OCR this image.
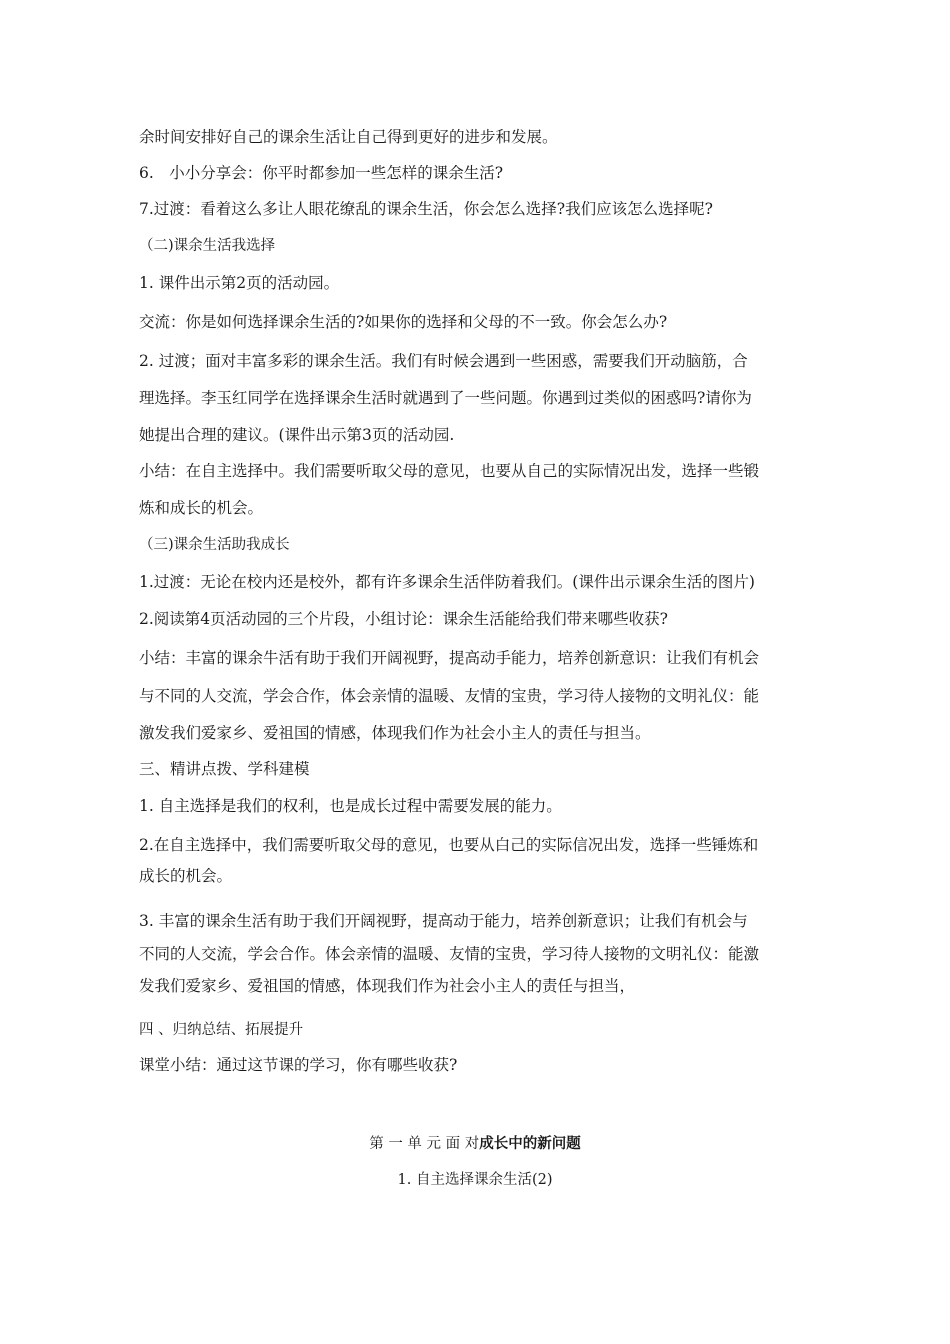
余时间安排好自己的课余生活让自己得到更好的进步和发展。
6.　小小分享会：你平时都参加一些怎样的课余生活?
7.过渡：看着这么多让人眼花缭乱的课余生活，你会怎么选择?我们应该怎么选择呢?
（二)课余生活我选择
1. 课件出示第2页的活动园。
交流：你是如何选择课余生活的?如果你的选择和父母的不一致。你会怎么办?
2. 过渡；面对丰富多彩的课余生活。我们有时候会遇到一些困惑，需要我们开动脑筋，合
理选择。李玉红同学在选择课余生活时就遇到了一些问题。你遇到过类似的困惑吗?请你为
她提出合理的建议。(课件出示第3页的活动园.
小结：在自主选择中。我们需要听取父母的意见，也要从自己的实际情况出发，选择一些锻
炼和成长的机会。
（三)课余生活助我成长
1.过渡：无论在校内还是校外，都有许多课余生活伴防着我们。(课件出示课余生活的图片)
2.阅读第4页活动园的三个片段，小组讨论：课余生活能给我们带来哪些收获?
小结：丰富的课余牛活有助于我们开阔视野，提高动手能力，培养创新意识：让我们有机会
与不同的人交流，学会合作，体会亲情的温暖、友情的宝贵，学习待人接物的文明礼仪：能
激发我们爱家乡、爱祖国的情感，体现我们作为社会小主人的责任与担当。
三、精讲点拨、学科建模
1. 自主选择是我们的权利，也是成长过程中需要发展的能力。
2.在自主选择中，我们需要听取父母的意见，也要从白己的实际信况出发，选择一些锤炼和
成长的机会。
3. 丰富的课余生活有助于我们开阔视野，提高动于能力，培养创新意识；让我们有机会与
不同的人交流，学会合作。体会亲情的温暖、友情的宝贵，学习待人接物的文明礼仪：能激
发我们爱家乡、爱祖国的情感，体现我们作为社会小主人的责任与担当，
四 、归纳总结、拓展提升
课堂小结：通过这节课的学习，你有哪些收获?
第 一 单 元 面 对成长中的新问题
1. 自主选择课余生活(2)
